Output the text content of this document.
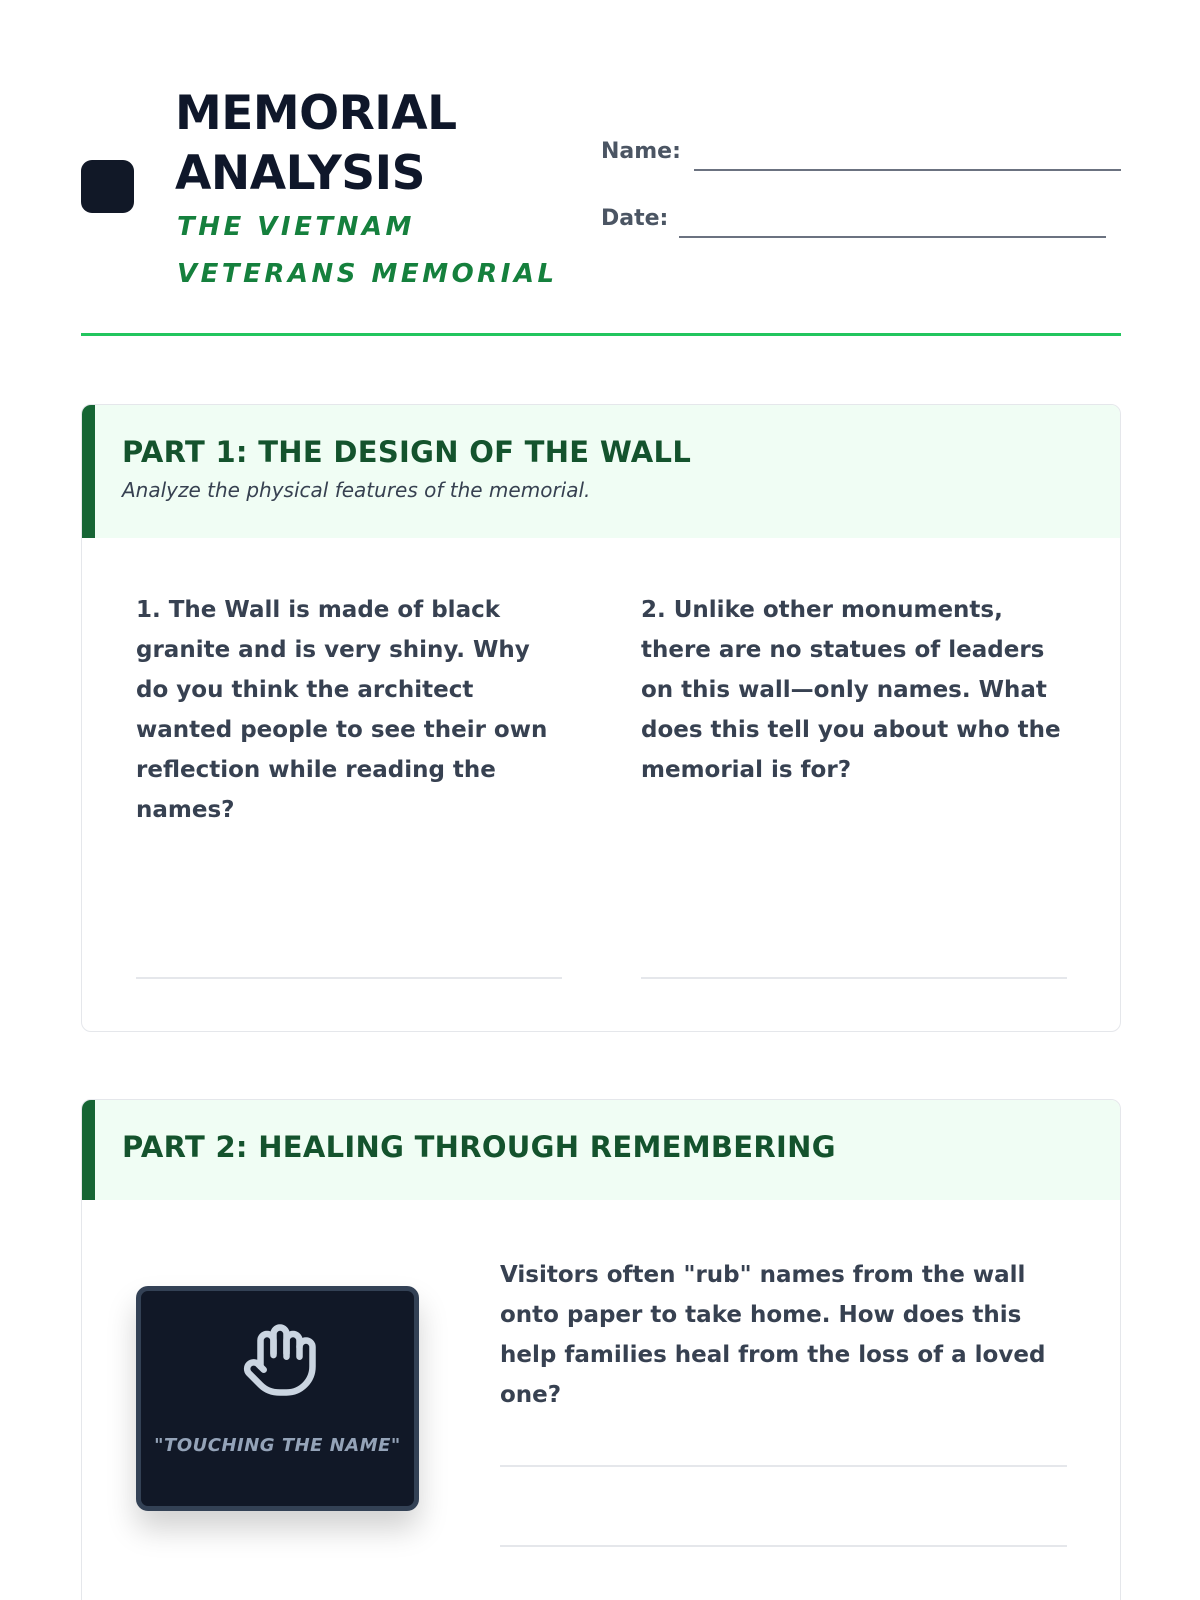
MEMORIAL ANALYSIS
THE VIETNAM VETERANS MEMORIAL
Name:
Date:
PART 1: THE DESIGN OF THE WALL
Analyze the physical features of the memorial.
1. The Wall is made of black granite and is very shiny. Why do you think the architect wanted people to see their own reflection while reading the names?
2. Unlike other monuments, there are no statues of leaders on this wall—only names. What does this tell you about who the memorial is for?
PART 2: HEALING THROUGH REMEMBERING
"TOUCHING THE NAME"
Visitors often "rub" names from the wall onto paper to take home. How does this help families heal from the loss of a loved one?
